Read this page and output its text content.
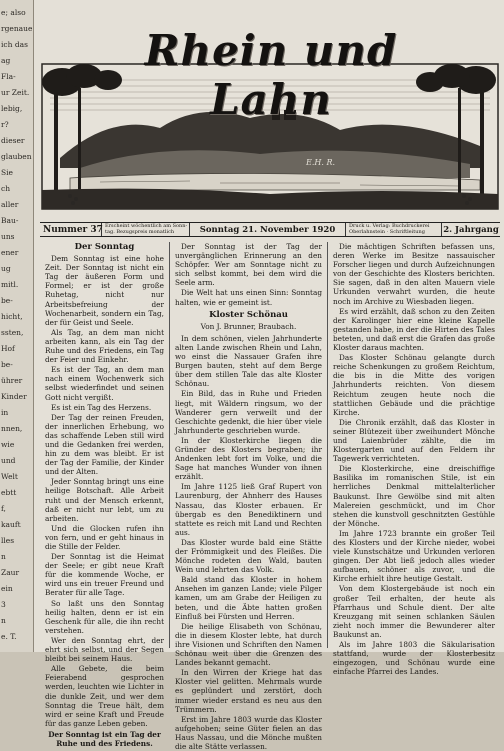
e; also
rgenaue
ich das
ag
Fla-
ur Zeit.
lebig,
r?
dieser
glauben
Sie
ch
aller
Bau-
uns
ener
ug
mitl.
be-
hicht,
ssten,
Hof
be-
ührer
Kinder
in
nnen,
wie
und
Welt
ebtt
f,
kauft
lles
n
Zaur
ein
3
n
e. T.
Rhein und Lahn
E.H. R.
Nummer 37 Erscheint wöchentlich am Sonn-
tag. Bezugspreis monatlich	Sonntag 21. November 1920	Druck u. Verlag: Buchdruckerei
Oberlahnstein · Schriftleitung 2. Jahrgang
Der Sonntag

Dem Sonntag ist eine hohe Zeit. Der Sonntag ist nicht ein Tag der äußeren Form und Formel; er ist der große Ruhetag, nicht nur Arbeitsbefreiung der Wochenarbeit, sondern ein Tag, der für Geist und Seele.

Als Tag, an dem man nicht arbeiten kann, als ein Tag der Ruhe und des Friedens, ein Tag der Feier und Einkehr.

Es ist der Tag, an dem man nach einem Wochenwerk sich selbst wiederfindet und seinen Gott nicht vergißt.

Es ist ein Tag des Herzens.

Der Tag der reinen Freuden, der innerlichen Erhebung, wo das schaffende Leben still wird und die Gedanken frei werden, hin zu dem was bleibt. Er ist der Tag der Familie, der Kinder und der Alten.

Jeder Sonntag bringt uns eine heilige Botschaft. Alle Arbeit ruht und der Mensch erkennt, daß er nicht nur lebt, um zu arbeiten.

Und die Glocken rufen ihn von fern, und er geht hinaus in die Stille der Felder.

Der Sonntag ist die Heimat der Seele; er gibt neue Kraft für die kommende Woche, er wird uns ein treuer Freund und Berater für alle Tage.

So laßt uns den Sonntag heilig halten, denn er ist ein Geschenk für alle, die ihn recht verstehen.

Wer den Sonntag ehrt, der ehrt sich selbst, und der Segen bleibt bei seinem Haus.

Alle Gebete, die beim Feierabend gesprochen werden, leuchten wie Lichter in die dunkle Zeit, und wer dem Sonntag die Treue hält, dem wird er seine Kraft und Freude für das ganze Leben geben.

Der Sonntag ist ein Tag der Ruhe und des Friedens.

Der Sonntag ist der Tag der unvergänglichen Erinnerung an den Schöpfer. Wer am Sonntage nicht zu sich selbst kommt, bei dem wird die Seele arm.

Die Welt hat uns einen Sinn: Sonntag halten, wie er gemeint ist.

Kloster Schönau
Von J. Brunner, Braubach.

In dem schönen, vielen Jahrhunderte alten Lande zwischen Rhein und Lahn, wo einst die Nassauer Grafen ihre Burgen bauten, steht auf dem Berge über dem stillen Tale das alte Kloster Schönau.

Ein Bild, das in Ruhe und Frieden liegt, mit Wäldern ringsum, wo der Wanderer gern verweilt und der Geschichte gedenkt, die hier über viele Jahrhunderte geschrieben wurde.

In der Klosterkirche liegen die Gründer des Klosters begraben; ihr Andenken lebt fort im Volke, und die Sage hat manches Wunder von ihnen erzählt.

Im Jahre 1125 ließ Graf Rupert von Laurenburg, der Ahnherr des Hauses Nassau, das Kloster erbauen. Er übergab es den Benediktinern und stattete es reich mit Land und Rechten aus.

Das Kloster wurde bald eine Stätte der Frömmigkeit und des Fleißes. Die Mönche rodeten den Wald, bauten Wein und lehrten das Volk.

Bald stand das Kloster in hohem Ansehen im ganzen Lande; viele Pilger kamen, um am Grabe der Heiligen zu beten, und die Äbte hatten großen Einfluß bei Fürsten und Herren.

Die heilige Elisabeth von Schönau, die in diesem Kloster lebte, hat durch ihre Visionen und Schriften den Namen Schönau weit über die Grenzen des Landes bekannt gemacht.

In den Wirren der Kriege hat das Kloster viel gelitten. Mehrmals wurde es geplündert und zerstört, doch immer wieder erstand es neu aus den Trümmern.

Erst im Jahre 1803 wurde das Kloster aufgehoben; seine Güter fielen an das Haus Nassau, und die Mönche mußten die alte Stätte verlassen.

Die mächtigen Schriften befassen uns, deren Werke im Besitze nassauischer Forscher liegen und durch Aufzeichnungen von der Geschichte des Klosters berichten. Sie sagen, daß in den alten Mauern viele Urkunden verwahrt wurden, die heute noch im Archive zu Wiesbaden liegen.

Es wird erzählt, daß schon zu den Zeiten der Karolinger hier eine kleine Kapelle gestanden habe, in der die Hirten des Tales beteten, und daß erst die Grafen das große Kloster daraus machten.

Das Kloster Schönau gelangte durch reiche Schenkungen zu großem Reichtum, die bis in die Mitte des vorigen Jahrhunderts reichten. Von diesem Reichtum zeugen heute noch die stattlichen Gebäude und die prächtige Kirche.

Die Chronik erzählt, daß das Kloster in seiner Blütezeit über zweihundert Mönche und Laienbrüder zählte, die im Klostergarten und auf den Feldern ihr Tagewerk verrichteten.

Die Klosterkirche, eine dreischiffige Basilika im romanischen Stile, ist ein herrliches Denkmal mittelalterlicher Baukunst. Ihre Gewölbe sind mit alten Malereien geschmückt, und im Chor stehen die kunstvoll geschnitzten Gestühle der Mönche.

Im Jahre 1723 brannte ein großer Teil des Klosters und der Kirche nieder, wobei viele Kunstschätze und Urkunden verloren gingen. Der Abt ließ jedoch alles wieder aufbauen, schöner als zuvor, und die Kirche erhielt ihre heutige Gestalt.

Von dem Klostergebäude ist noch ein großer Teil erhalten, der heute als Pfarrhaus und Schule dient. Der alte Kreuzgang mit seinen schlanken Säulen zieht noch immer die Bewunderer alter Baukunst an.

Als im Jahre 1803 die Säkularisation stattfand, wurde der Klosterbesitz eingezogen, und Schönau wurde eine einfache Pfarrei des Landes.
